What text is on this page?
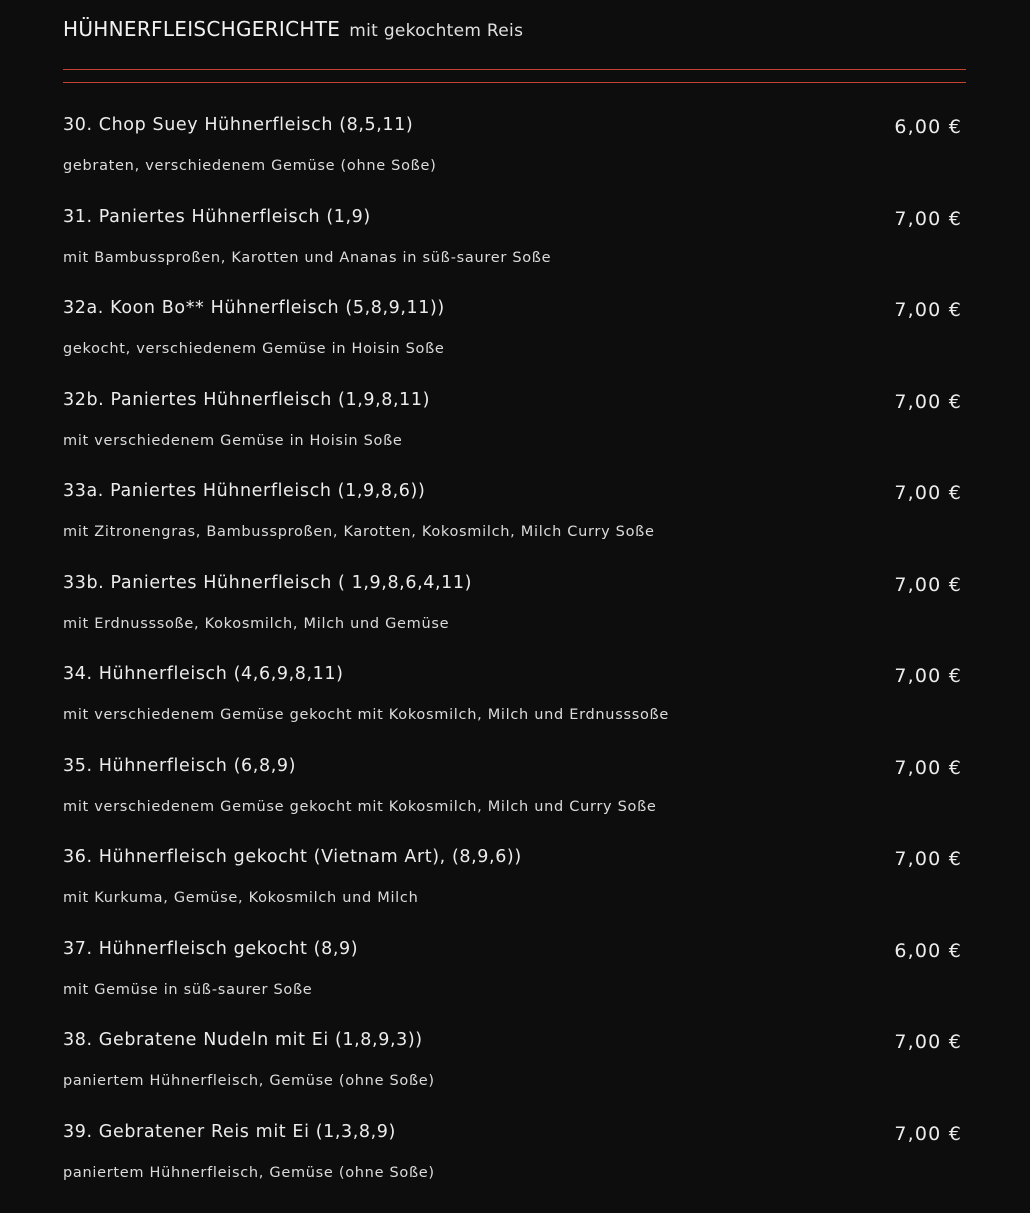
HÜHNERFLEISCHGERICHTE mit gekochtem Reis
30. Chop Suey Hühnerfleisch (8,5,11)
gebraten, verschiedenem Gemüse (ohne Soße)
6,00 €
31. Paniertes Hühnerfleisch (1,9)
mit Bambussproßen, Karotten und Ananas in süß-saurer Soße
7,00 €
32a. Koon Bo** Hühnerfleisch (5,8,9,11))
gekocht, verschiedenem Gemüse in Hoisin Soße
7,00 €
32b. Paniertes Hühnerfleisch (1,9,8,11)
mit verschiedenem Gemüse in Hoisin Soße
7,00 €
33a. Paniertes Hühnerfleisch (1,9,8,6))
mit Zitronengras, Bambussproßen, Karotten, Kokosmilch, Milch Curry Soße
7,00 €
33b. Paniertes Hühnerfleisch ( 1,9,8,6,4,11)
mit Erdnusssoße, Kokosmilch, Milch und Gemüse
7,00 €
34. Hühnerfleisch (4,6,9,8,11)
mit verschiedenem Gemüse gekocht mit Kokosmilch, Milch und Erdnusssoße
7,00 €
35. Hühnerfleisch (6,8,9)
mit verschiedenem Gemüse gekocht mit Kokosmilch, Milch und Curry Soße
7,00 €
36. Hühnerfleisch gekocht (Vietnam Art), (8,9,6))
mit Kurkuma, Gemüse, Kokosmilch und Milch
7,00 €
37. Hühnerfleisch gekocht (8,9)
mit Gemüse in süß-saurer Soße
6,00 €
38. Gebratene Nudeln mit Ei (1,8,9,3))
paniertem Hühnerfleisch, Gemüse (ohne Soße)
7,00 €
39. Gebratener Reis mit Ei (1,3,8,9)
paniertem Hühnerfleisch, Gemüse (ohne Soße)
7,00 €
